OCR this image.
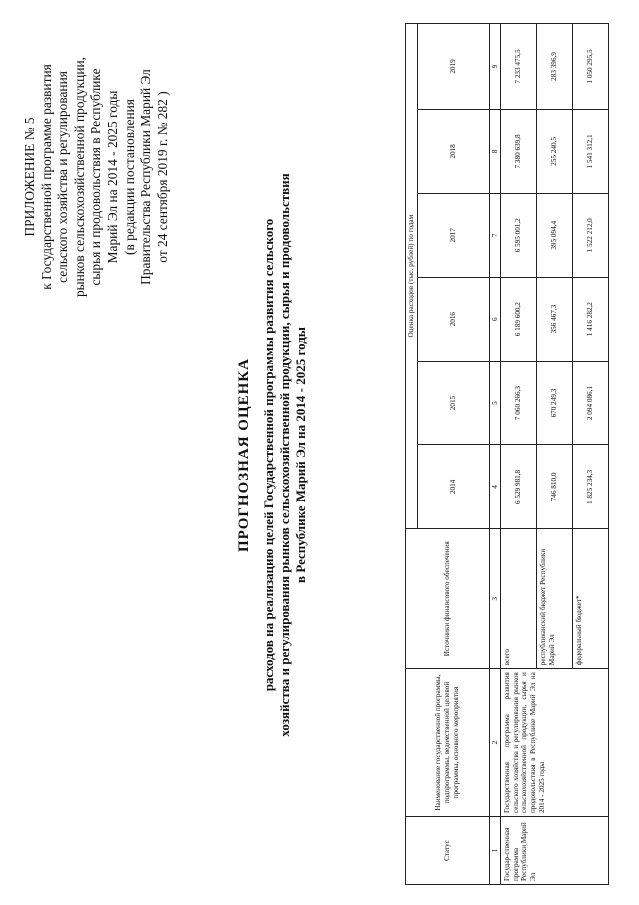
ПРИЛОЖЕНИЕ № 5 к Государственной программе развития сельского хозяйства и регулирования рынков сельскохозяйственной продукции, сырья и продовольствия в Республике Марий Эл на 2014 - 2025 годы (в редакции постановления Правительства Республики Марий Эл от 24 сентября 2019 г. № 282 )
ПРОГНОЗНАЯ ОЦЕНКА расходов на реализацию целей Государственной программы развития сельского хозяйства и регулирования рынков сельскохозяйственной продукции, сырья и продовольствия в Республике Марий Эл на 2014 - 2025 годы
Статус	Наименование государственной программы, подпрограммы, ведомственной целевой программы, основного мероприятия	Источники финансового обеспечения	Оценка расходов (тыс. рублей) по годам					
			2014	2015	2016	2017	2018	2019
1	2	3	4	5	6	7	8	9
Государ-ственная программа Республики Марий Эл	Государственная программа развития сельского хозяйства и регулирования рынков сельскохозяйственной продукции, сырья и продовольствия в Республике Марий Эл на 2014 - 2025 годы	всего	6 529 981,8	7 060 266,3	6 189 600,2	6 595 001,2	7 380 639,8	7 233 475,5
		республиканский бюджет Республики Марий Эл	746 810,0	670 249,3	356 467,3	395 094,4	255 240,5	283 396,9
		федеральный бюджет*	1 825 234,3	2 094 086,1	1 416 282,2	1 522 212,0	1 541 312,1	1 050 295,5
